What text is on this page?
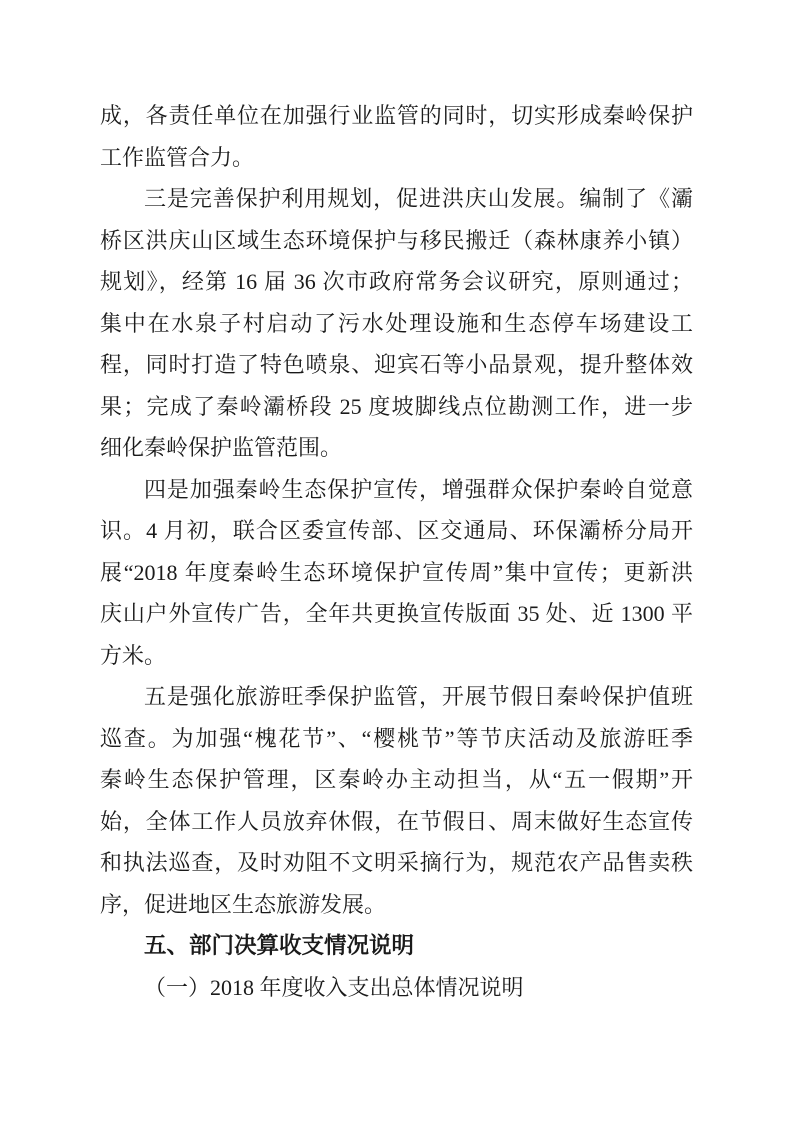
成，各责任单位在加强行业监管的同时，切实形成秦岭保护
工作监管合力。
三是完善保护利用规划，促进洪庆山发展。编制了《灞
桥区洪庆山区域生态环境保护与移民搬迁（森林康养小镇）
规划》，经第 16 届 36 次市政府常务会议研究，原则通过；
集中在水泉子村启动了污水处理设施和生态停车场建设工
程，同时打造了特色喷泉、迎宾石等小品景观，提升整体效
果；完成了秦岭灞桥段 25 度坡脚线点位勘测工作，进一步
细化秦岭保护监管范围。
四是加强秦岭生态保护宣传，增强群众保护秦岭自觉意
识。4 月初，联合区委宣传部、区交通局、环保灞桥分局开
展“2018 年度秦岭生态环境保护宣传周”集中宣传；更新洪
庆山户外宣传广告，全年共更换宣传版面 35 处、近 1300 平
方米。
五是强化旅游旺季保护监管，开展节假日秦岭保护值班
巡查。为加强“槐花节”、“樱桃节”等节庆活动及旅游旺季
秦岭生态保护管理，区秦岭办主动担当，从“五一假期”开
始，全体工作人员放弃休假，在节假日、周末做好生态宣传
和执法巡查，及时劝阻不文明采摘行为，规范农产品售卖秩
序，促进地区生态旅游发展。
五、部门决算收支情况说明
（一）2018 年度收入支出总体情况说明
